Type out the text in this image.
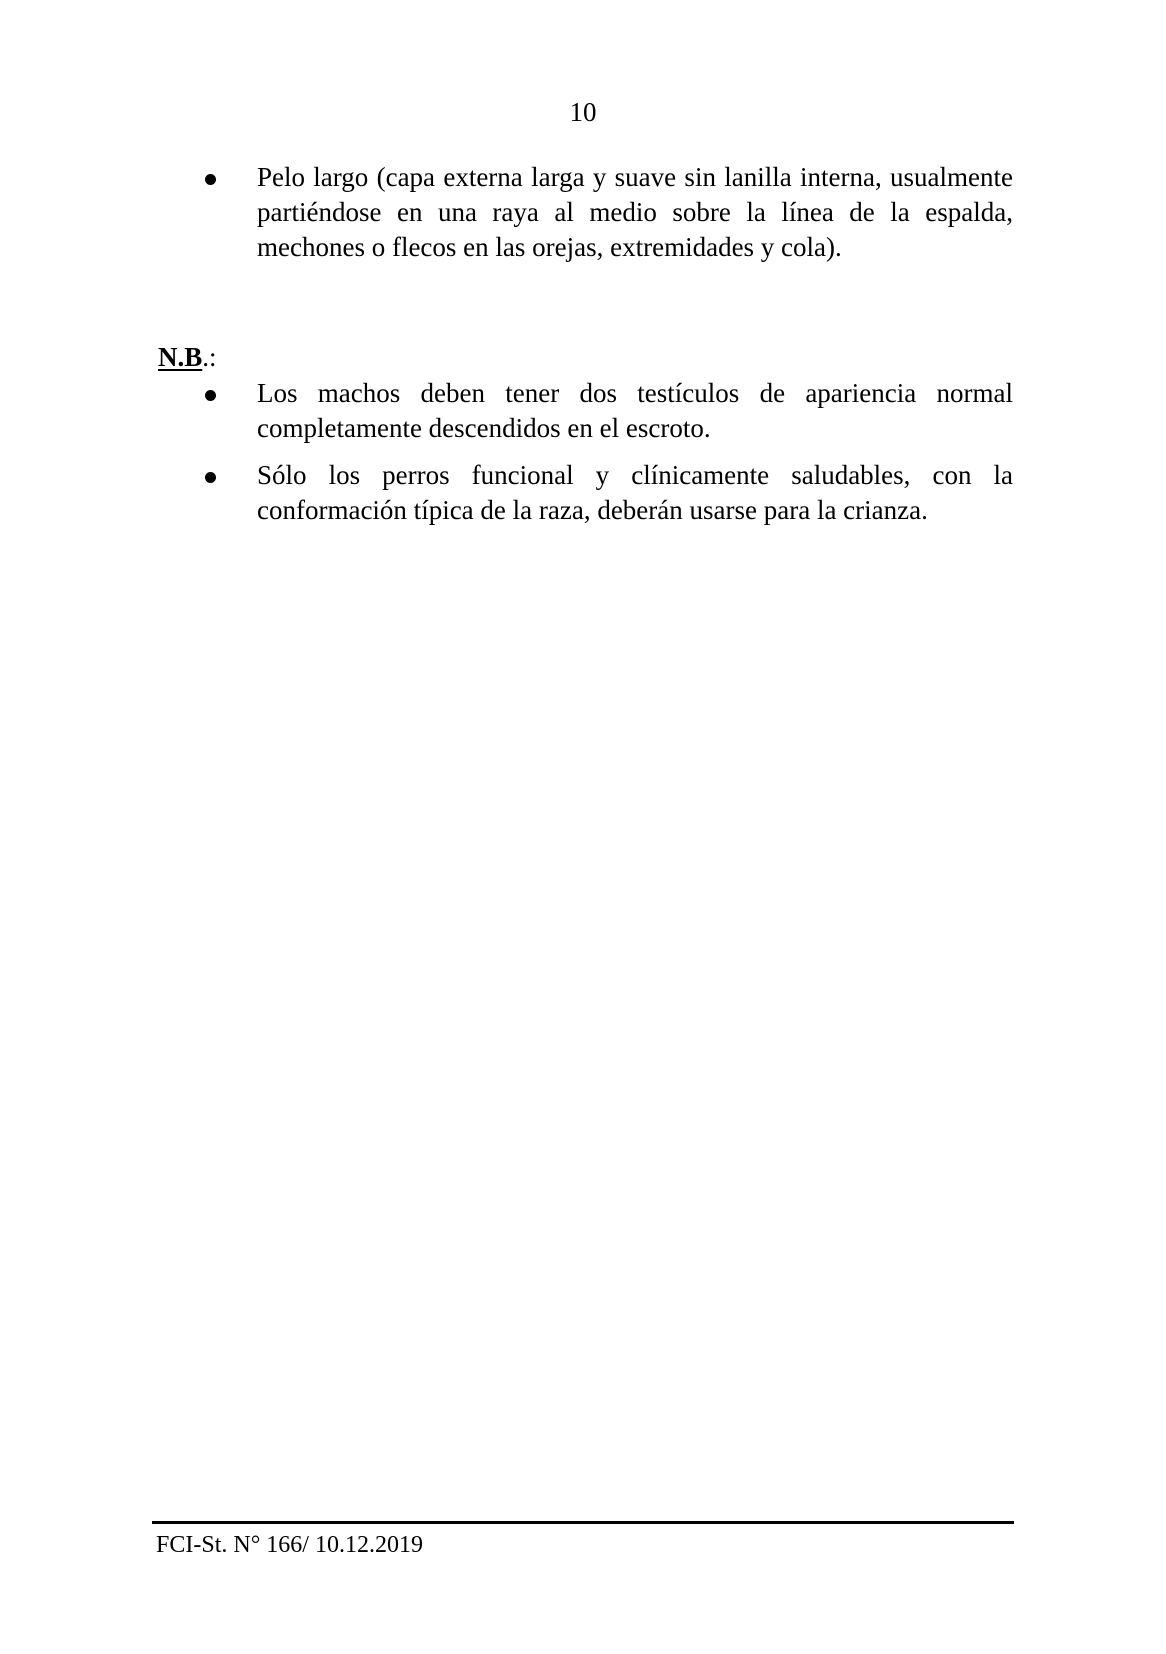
10
Pelo largo (capa externa larga y suave sin lanilla interna, usualmente partiéndose en una raya al medio sobre la línea de la espalda, mechones o flecos en las orejas, extremidades y cola).
N.B.:
Los machos deben tener dos testículos de apariencia normal completamente descendidos en el escroto.
Sólo los perros funcional y clínicamente saludables, con la conformación típica de la raza, deberán usarse para la crianza.
FCI-St. N° 166/ 10.12.2019
